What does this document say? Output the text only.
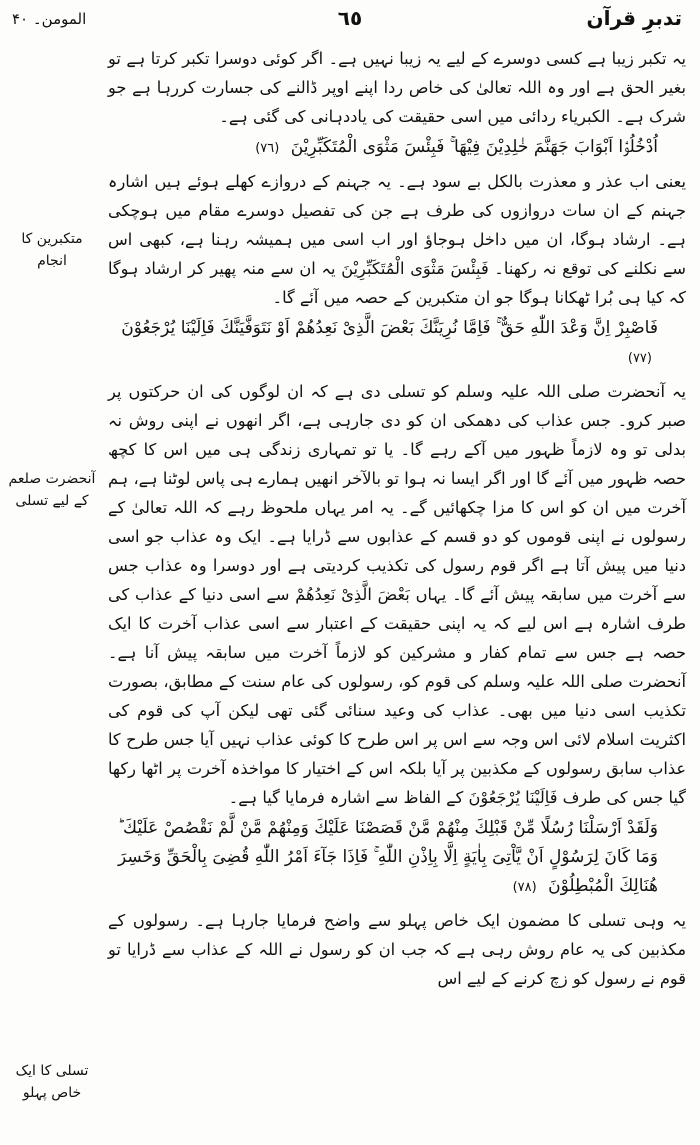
تدبرِ قرآن
٦٥
المومن۔ ۴۰

یہ تکبر زیبا ہے کسی دوسرے کے لیے یہ زیبا نہیں ہے۔ اگر کوئی دوسرا تکبر کرتا ہے تو بغیر الحق ہے اور وہ اللہ تعالیٰ کی خاص ردا اپنے اوپر ڈالنے کی جسارت کررہا ہے جو شرک ہے۔ الکبریاء ردائی میں اسی حقیقت کی یاددہانی کی گئی ہے۔

اُدْخُلُوْۤا اَبْوَابَ جَهَنَّمَ خٰلِدِیْنَ فِیْهَا ۚ فَبِئْسَ مَثْوَى الْمُتَكَبِّرِیْنَ (٧٦)

یعنی اب عذر و معذرت بالکل بے سود ہے۔ یہ جہنم کے دروازے کھلے ہوئے ہیں اشارہ جہنم کے ان سات دروازوں کی طرف ہے جن کی تفصیل دوسرے مقام میں ہوچکی ہے۔ ارشاد ہوگا، ان میں داخل ہوجاؤ اور اب اسی میں ہمیشہ رہنا ہے، کبھی اس سے نکلنے کی توقع نہ رکھنا۔ فَبِئْسَ مَثْوَى الْمُتَكَبِّرِیْنَ یہ ان سے منہ پھیر کر ارشاد ہوگا کہ کیا ہی بُرا ٹھکانا ہوگا جو ان متکبرین کے حصہ میں آئے گا۔

فَاصْبِرْ اِنَّ وَعْدَ اللّٰهِ حَقٌّ ۚ فَاِمَّا نُرِیَنَّكَ بَعْضَ الَّذِیْ نَعِدُهُمْ اَوْ نَتَوَفَّیَنَّكَ فَاِلَیْنَا یُرْجَعُوْنَ (٧٧)

یہ آنحضرت صلی اللہ علیہ وسلم کو تسلی دی ہے کہ ان لوگوں کی ان حرکتوں پر صبر کرو۔ جس عذاب کی دھمکی ان کو دی جارہی ہے، اگر انھوں نے اپنی روش نہ بدلی تو وہ لازماً ظہور میں آکے رہے گا۔ یا تو تمہاری زندگی ہی میں اس کا کچھ حصہ ظہور میں آئے گا اور اگر ایسا نہ ہوا تو بالآخر انھیں ہمارے ہی پاس لوٹنا ہے، ہم آخرت میں ان کو اس کا مزا چکھائیں گے۔ یہ امر یہاں ملحوظ رہے کہ اللہ تعالیٰ کے رسولوں نے اپنی قوموں کو دو قسم کے عذابوں سے ڈرایا ہے۔ ایک وہ عذاب جو اسی دنیا میں پیش آتا ہے اگر قوم رسول کی تکذیب کردیتی ہے اور دوسرا وہ عذاب جس سے آخرت میں سابقہ پیش آئے گا۔ یہاں بَعْضَ الَّذِیْ نَعِدُهُمْ سے اسی دنیا کے عذاب کی طرف اشارہ ہے اس لیے کہ یہ اپنی حقیقت کے اعتبار سے اسی عذاب آخرت کا ایک حصہ ہے جس سے تمام کفار و مشرکین کو لازماً آخرت میں سابقہ پیش آنا ہے۔ آنحضرت صلی اللہ علیہ وسلم کی قوم کو، رسولوں کی عام سنت کے مطابق، بصورت تکذیب اسی دنیا میں بھی۔ عذاب کی وعید سنائی گئی تھی لیکن آپ کی قوم کی اکثریت اسلام لائی اس وجہ سے اس پر اس طرح کا کوئی عذاب نہیں آیا جس طرح کا عذاب سابق رسولوں کے مکذبین پر آیا بلکہ اس کے اختیار کا مواخذہ آخرت پر اٹھا رکھا گیا جس کی طرف فَاِلَیْنَا یُرْجَعُوْنَ کے الفاظ سے اشارہ فرمایا گیا ہے۔

وَلَقَدْ اَرْسَلْنَا رُسُلًا مِّنْ قَبْلِكَ مِنْهُمْ مَّنْ قَصَصْنَا عَلَیْكَ وَمِنْهُمْ مَّنْ لَّمْ نَقْصُصْ عَلَیْكَ ؕ وَمَا كَانَ لِرَسُوْلٍ اَنْ یَّاْتِیَ بِاٰیَةٍ اِلَّا بِاِذْنِ اللّٰهِ ۚ فَاِذَا جَآءَ اَمْرُ اللّٰهِ قُضِیَ بِالْحَقِّ وَخَسِرَ هُنَالِكَ الْمُبْطِلُوْنَ (٧٨)

یہ وہی تسلی کا مضمون ایک خاص پہلو سے واضح فرمایا جارہا ہے۔ رسولوں کے مکذبین کی یہ عام روش رہی ہے کہ جب ان کو رسول نے اللہ کے عذاب سے ڈرایا تو قوم نے رسول کو زچ کرنے کے لیے اس

متکبرین کا انجام
آنحضرت صلعم کے لیے تسلی
تسلی کا ایک خاص پہلو
